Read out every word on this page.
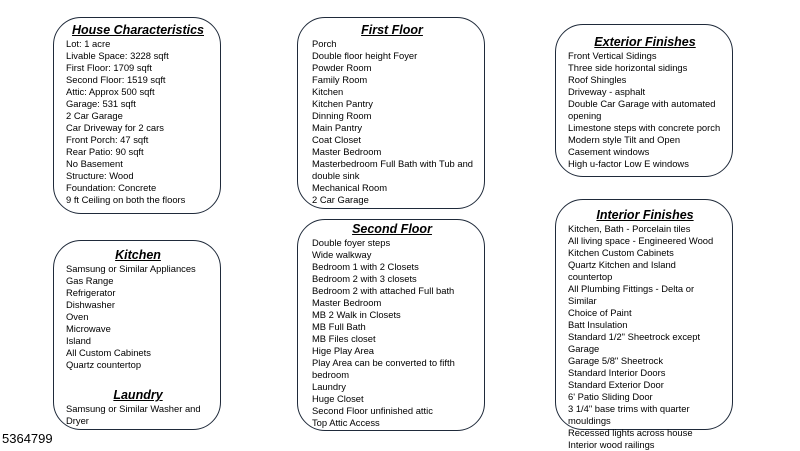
House Characteristics
Lot: 1 acre
Livable Space: 3228 sqft
First Floor: 1709 sqft
Second Floor: 1519 sqft
Attic: Approx 500 sqft
Garage: 531 sqft
2 Car Garage
Car Driveway for 2 cars
Front Porch: 47 sqft
Rear Patio: 90 sqft
No Basement
Structure: Wood
Foundation: Concrete
9 ft Ceiling on both the floors
Kitchen
Samsung or Similar Appliances
Gas Range
Refrigerator
Dishwasher
Oven
Microwave
Island
All Custom Cabinets
Quartz countertop
Laundry
Samsung or Similar Washer and Dryer
First Floor
Porch
Double floor height Foyer
Powder Room
Family Room
Kitchen
Kitchen Pantry
Dinning Room
Main Pantry
Coat Closet
Master Bedroom
Masterbedroom Full Bath with Tub and double sink
Mechanical Room
2 Car Garage
Second Floor
Double foyer steps
Wide walkway
Bedroom 1 with 2 Closets
Bedroom 2 with 3 closets
Bedroom 2 with attached Full bath
Master Bedroom
MB 2 Walk in Closets
MB Full Bath
MB Files closet
Hige Play Area
Play Area can be converted to fifth bedroom
Laundry
Huge Closet
Second Floor unfinished attic
Top Attic Access
Exterior Finishes
Front Vertical Sidings
Three side horizontal sidings
Roof Shingles
Driveway - asphalt
Double Car Garage with automated opening
Limestone steps with concrete porch
Modern style Tilt and Open Casement windows
High u-factor Low E windows
Interior Finishes
Kitchen, Bath - Porcelain tiles
All living space - Engineered Wood
Kitchen Custom Cabinets
Quartz Kitchen and Island countertop
All Plumbing Fittings - Delta or Similar
Choice of Paint
Batt Insulation
Standard 1/2" Sheetrock except Garage
Garage 5/8" Sheetrock
Standard Interior Doors
Standard Exterior Door
6' Patio Sliding Door
3 1/4" base trims with quarter mouldings
Recessed lights across house
Interior wood railings
5364799
